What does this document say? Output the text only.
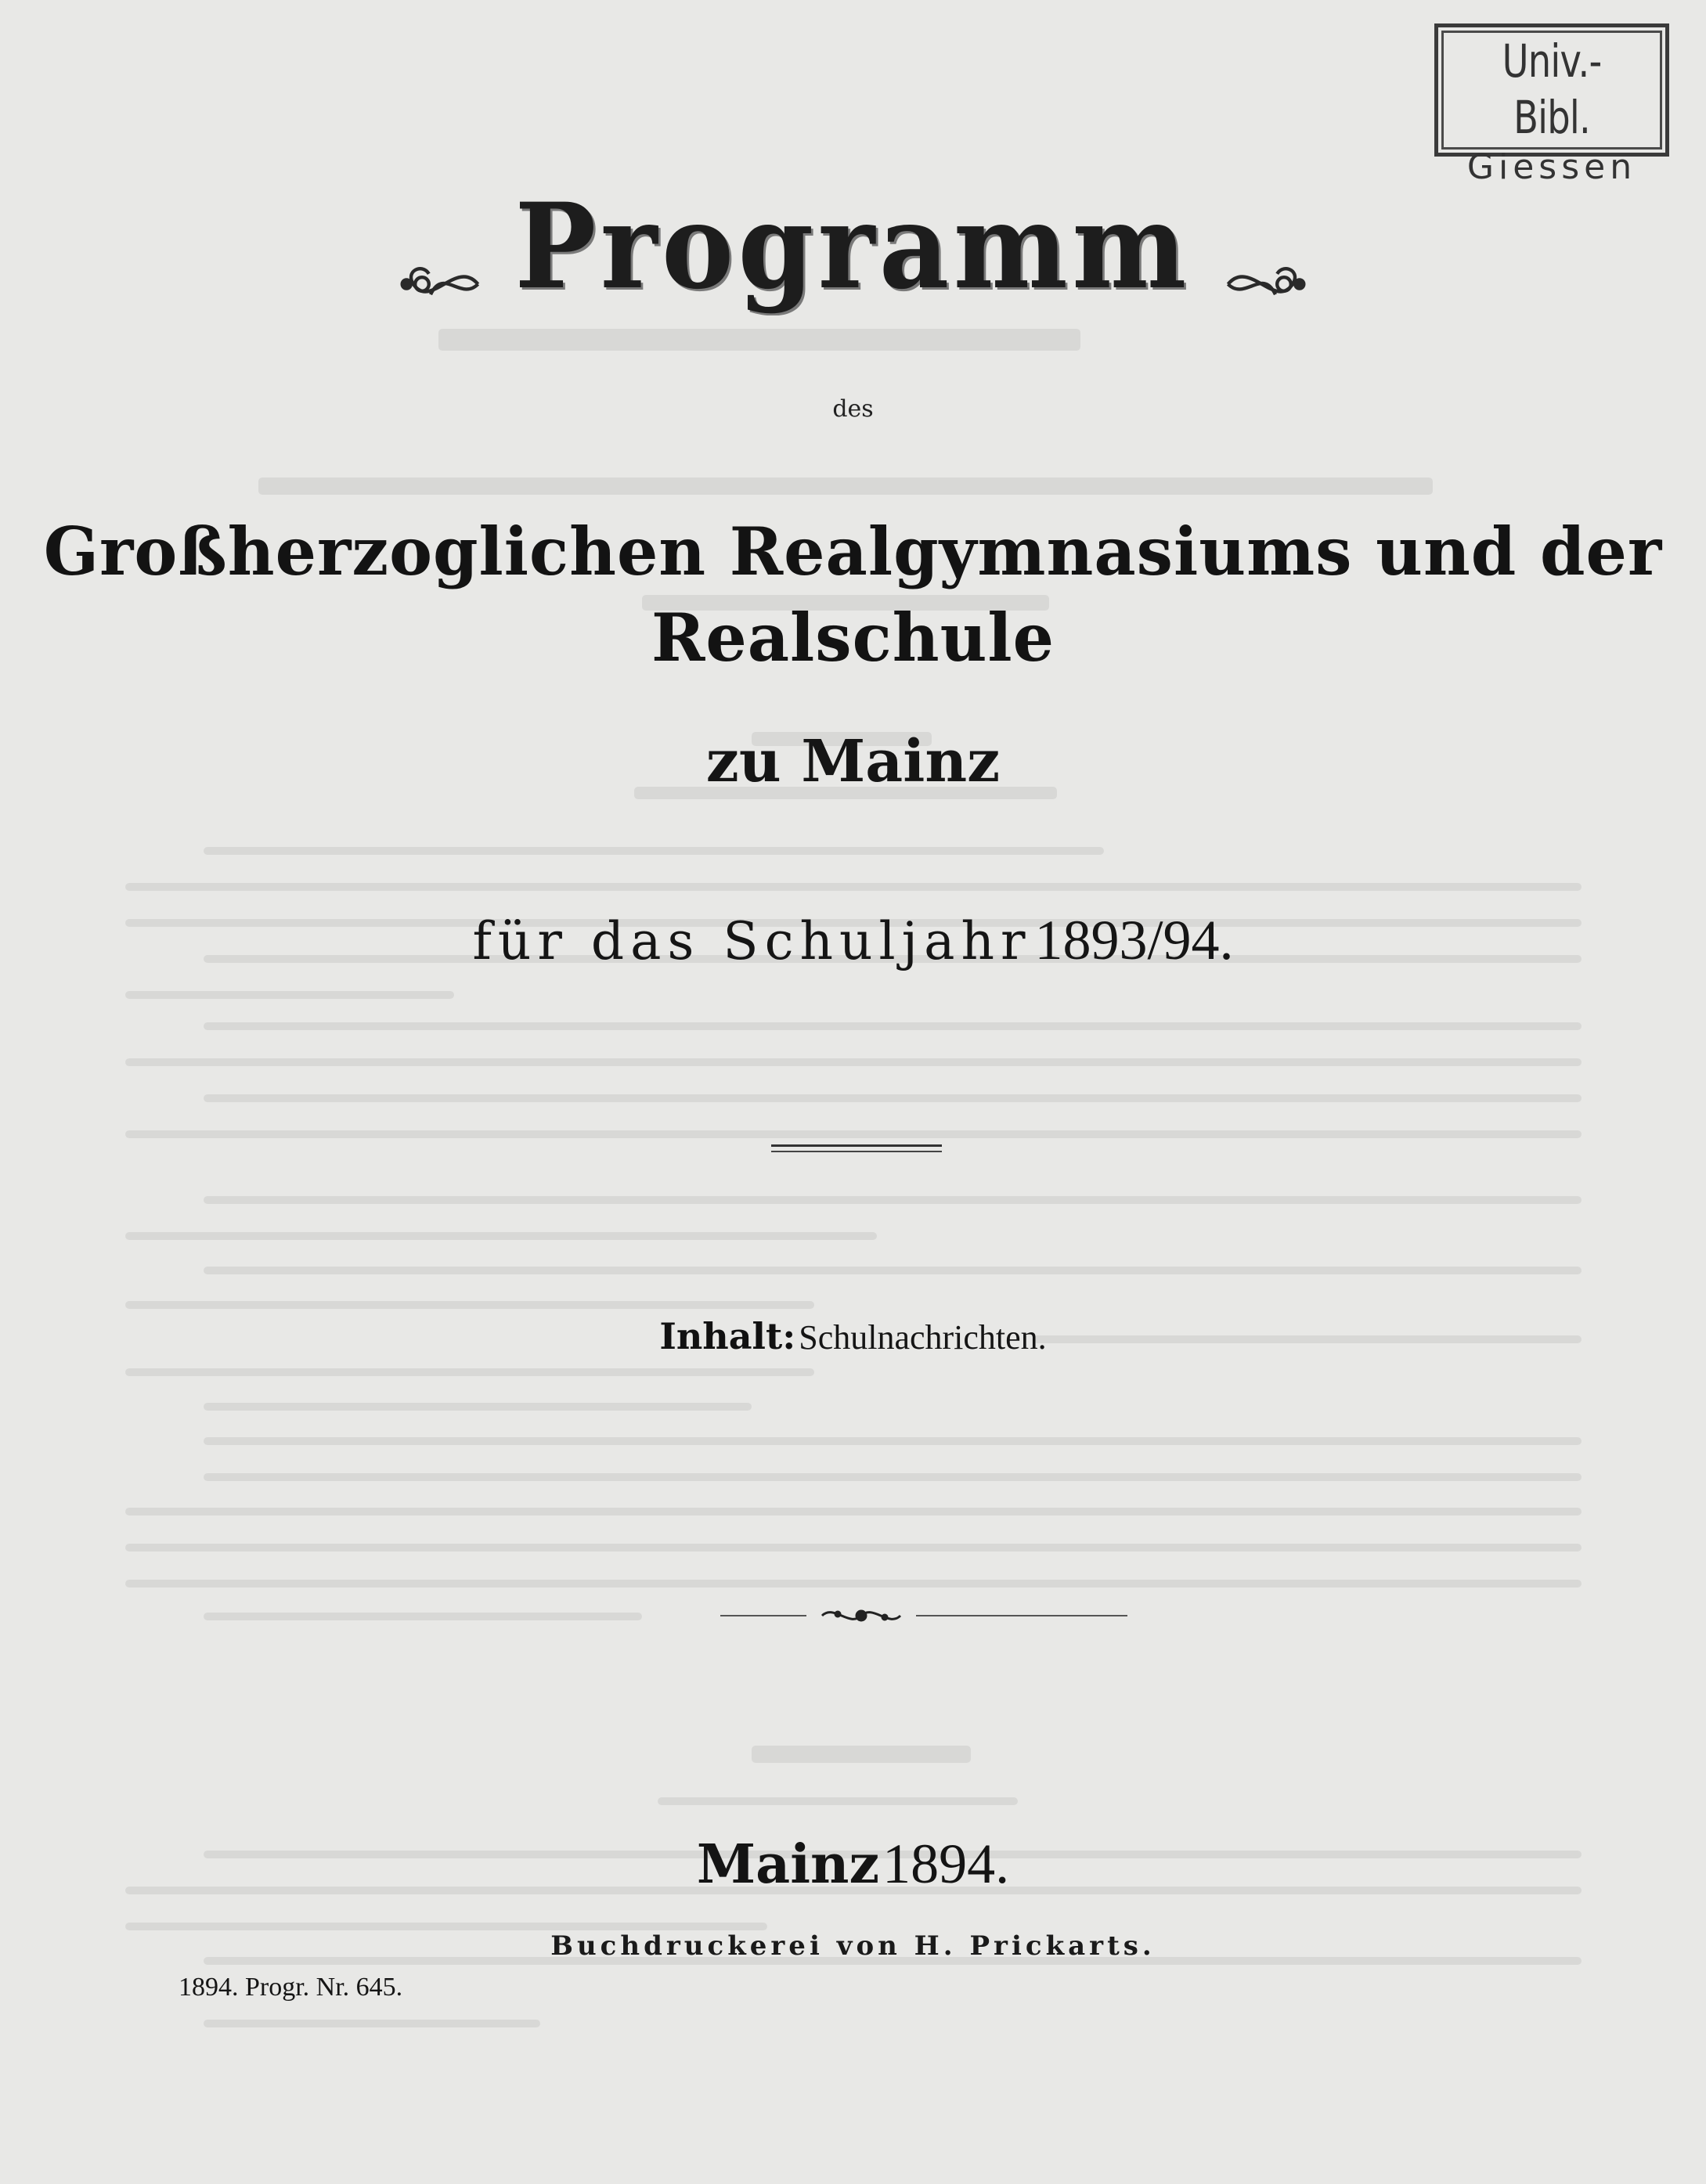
Univ.-Bibl.
Giessen
Programm
des
Großherzoglichen Realgymnasiums und der Realschule
zu Mainz
für das Schuljahr 1893/94.
Inhalt: Schulnachrichten.
Mainz 1894.
Buchdruckerei von H. Prickarts.
1894. Progr. Nr. 645.
